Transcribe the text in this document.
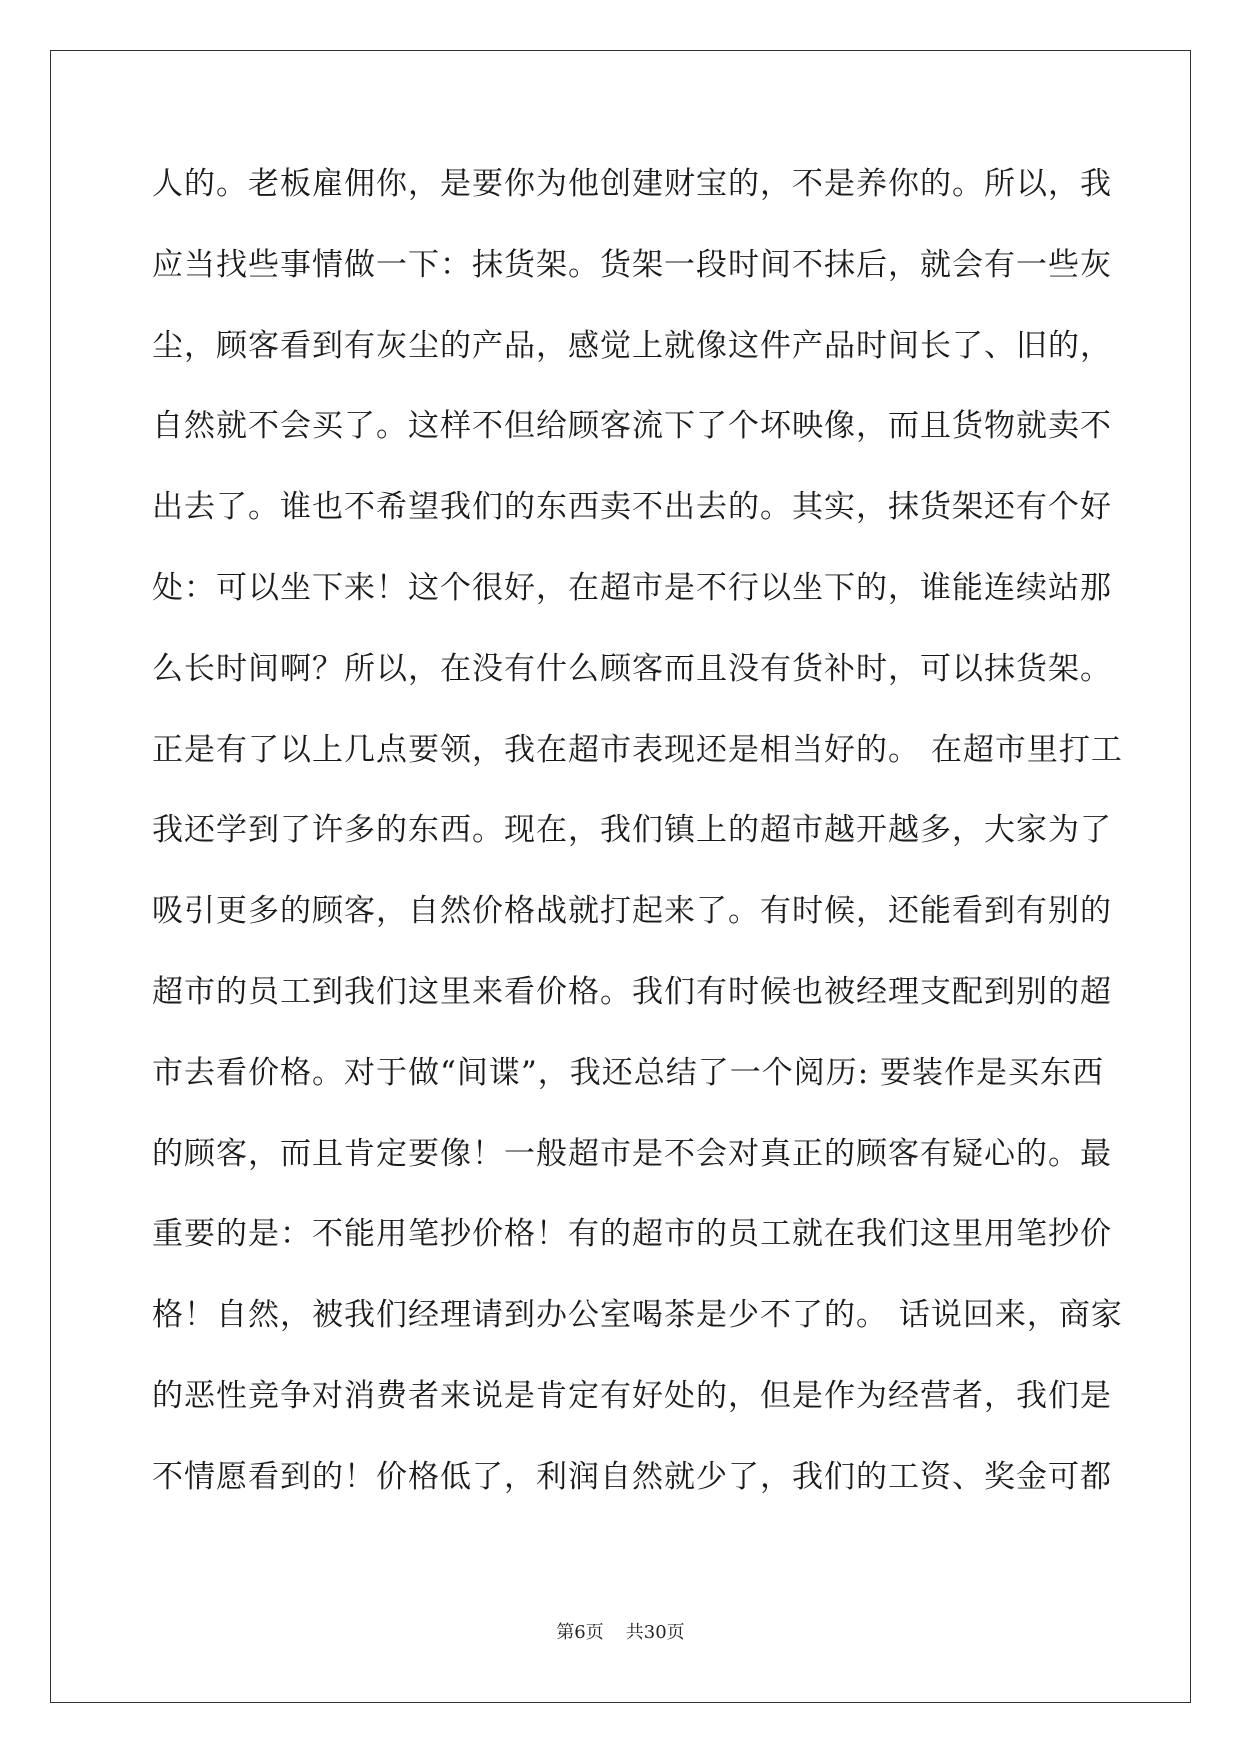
人的。老板雇佣你，是要你为他创建财宝的，不是养你的。所以，我
应当找些事情做一下：抹货架。货架一段时间不抹后，就会有一些灰
尘，顾客看到有灰尘的产品，感觉上就像这件产品时间长了、旧的，
自然就不会买了。这样不但给顾客流下了个坏映像，而且货物就卖不
出去了。谁也不希望我们的东西卖不出去的。其实，抹货架还有个好
处：可以坐下来！这个很好，在超市是不行以坐下的，谁能连续站那
么长时间啊？所以，在没有什么顾客而且没有货补时，可以抹货架。
正是有了以上几点要领，我在超市表现还是相当好的。 在超市里打工
我还学到了许多的东西。现在，我们镇上的超市越开越多，大家为了
吸引更多的顾客，自然价格战就打起来了。有时候，还能看到有别的
超市的员工到我们这里来看价格。我们有时候也被经理支配到别的超
市去看价格。对于做“间谍”，我还总结了一个阅历: 要装作是买东西
的顾客，而且肯定要像！一般超市是不会对真正的顾客有疑心的。最
重要的是：不能用笔抄价格！有的超市的员工就在我们这里用笔抄价
格！自然，被我们经理请到办公室喝茶是少不了的。 话说回来，商家
的恶性竞争对消费者来说是肯定有好处的，但是作为经营者，我们是
不情愿看到的！价格低了，利润自然就少了，我们的工资、奖金可都
第6页 共30页
